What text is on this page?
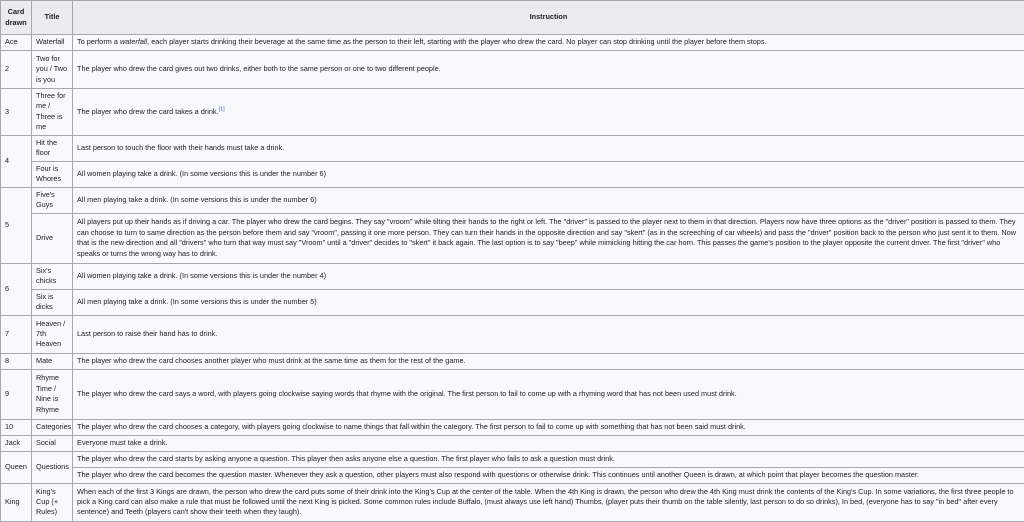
Card drawn	Title	Instruction
Ace	Waterfall	To perform a waterfall, each player starts drinking their beverage at the same time as the person to their left, starting with the player who drew the card. No player can stop drinking until the player before them stops.
2	Two for you / Two is you	The player who drew the card gives out two drinks, either both to the same person or one to two different people.
3	Three for me / Three is me	The player who drew the card takes a drink.[1]
4	Hit the floor	Last person to touch the floor with their hands must take a drink.
	Four is Whores	All women playing take a drink. (In some versions this is under the number 6)
5	Five's Guys	All men playing take a drink. (In some versions this is under the number 6)
	Drive	All players put up their hands as if driving a car. The player who drew the card begins. They say "vroom" while tilting their hands to the right or left. The "driver" is passed to the player next to them in that direction. Players now have three options as the "driver" position is passed to them. They can choose to turn to same direction as the person before them and say "vroom", passing it one more person. They can turn their hands in the opposite direction and say "skert" (as in the screeching of car wheels) and pass the "driver" position back to the person who just sent it to them. Now that is the new direction and all "drivers" who turn that way must say "Vroom" until a "driver" decides to "skert" it back again. The last option is to say "beep" while mimicking hitting the car horn. This passes the game's position to the player opposite the current driver. The first "driver" who speaks or turns the wrong way has to drink.
6	Six's chicks	All women playing take a drink. (In some versions this is under the number 4)
	Six is dicks	All men playing take a drink. (In some versions this is under the number 5)
7	Heaven / 7th Heaven	Last person to raise their hand has to drink.
8	Mate	The player who drew the card chooses another player who must drink at the same time as them for the rest of the game.
9	Rhyme Time / Nine is Rhyme	The player who drew the card says a word, with players going clockwise saying words that rhyme with the original. The first person to fail to come up with a rhyming word that has not been used must drink.
10	Categories	The player who drew the card chooses a category, with players going clockwise to name things that fall within the category. The first person to fail to come up with something that has not been said must drink.
Jack	Social	Everyone must take a drink.
Queen	Questions	The player who drew the card starts by asking anyone a question. This player then asks anyone else a question. The first player who fails to ask a question must drink.
		The player who drew the card becomes the question master. Whenever they ask a question, other players must also respond with questions or otherwise drink. This continues until another Queen is drawn, at which point that player becomes the question master.
King	King's Cup (+ Rules)	When each of the first 3 Kings are drawn, the person who drew the card puts some of their drink into the King's Cup at the center of the table. When the 4th King is drawn, the person who drew the 4th King must drink the contents of the King's Cup. In some variations, the first three people to pick a King card can also make a rule that must be followed until the next King is picked. Some common rules include Buffalo, (must always use left hand) Thumbs, (player puts their thumb on the table silently, last person to do so drinks), In bed, (everyone has to say "in bed" after every sentence) and Teeth (players can't show their teeth when they laugh).
